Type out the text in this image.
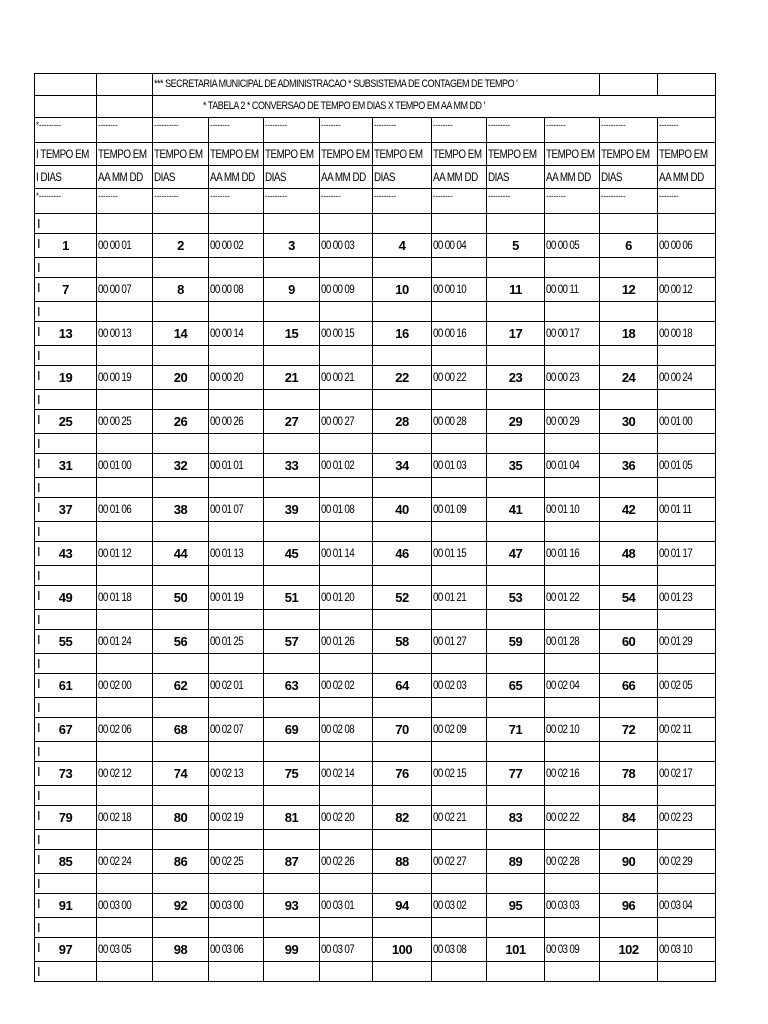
		*** SECRETARIA MUNICIPAL DE ADMINISTRACAO * SUBSISTEMA DE CONTAGEM DE TEMPO '									
		* TABELA 2 * CONVERSAO DE TEMPO EM DIAS X TEMPO EM AA MM DD '									
*---------	--------	----------	--------	---------	--------	---------	--------	---------	--------	----------	--------
I TEMPO EM	TEMPO EM	TEMPO EM	TEMPO EM	TEMPO EM	TEMPO EM	TEMPO EM	TEMPO EM	TEMPO EM	TEMPO EM	TEMPO EM	TEMPO EM
I DIAS	AA MM DD	DIAS	AA MM DD	DIAS	AA MM DD	DIAS	AA MM DD	DIAS	AA MM DD	DIAS	AA MM DD
*---------	--------	----------	--------	---------	--------	---------	--------	---------	--------	----------	--------

I											

I 1	00 00 01	2	00 00 02	3	00 00 03	4	00 00 04	5	00 00 05	6	00 00 06

I											

I 7	00 00 07	8	00 00 08	9	00 00 09	10	00 00 10	11	00 00 11	12	00 00 12

I											

I 13	00 00 13	14	00 00 14	15	00 00 15	16	00 00 16	17	00 00 17	18	00 00 18

I											

I 19	00 00 19	20	00 00 20	21	00 00 21	22	00 00 22	23	00 00 23	24	00 00 24

I											

I 25	00 00 25	26	00 00 26	27	00 00 27	28	00 00 28	29	00 00 29	30	00 01 00

I											

I 31	00 01 00	32	00 01 01	33	00 01 02	34	00 01 03	35	00 01 04	36	00 01 05

I											

I 37	00 01 06	38	00 01 07	39	00 01 08	40	00 01 09	41	00 01 10	42	00 01 11

I											

I 43	00 01 12	44	00 01 13	45	00 01 14	46	00 01 15	47	00 01 16	48	00 01 17

I											

I 49	00 01 18	50	00 01 19	51	00 01 20	52	00 01 21	53	00 01 22	54	00 01 23

I											

I 55	00 01 24	56	00 01 25	57	00 01 26	58	00 01 27	59	00 01 28	60	00 01 29

I											

I 61	00 02 00	62	00 02 01	63	00 02 02	64	00 02 03	65	00 02 04	66	00 02 05

I											

I 67	00 02 06	68	00 02 07	69	00 02 08	70	00 02 09	71	00 02 10	72	00 02 11

I											

I 73	00 02 12	74	00 02 13	75	00 02 14	76	00 02 15	77	00 02 16	78	00 02 17

I											

I 79	00 02 18	80	00 02 19	81	00 02 20	82	00 02 21	83	00 02 22	84	00 02 23

I											

I 85	00 02 24	86	00 02 25	87	00 02 26	88	00 02 27	89	00 02 28	90	00 02 29

I											

I 91	00 03 00	92	00 03 00	93	00 03 01	94	00 03 02	95	00 03 03	96	00 03 04

I											

I 97	00 03 05	98	00 03 06	99	00 03 07	100	00 03 08	101	00 03 09	102	00 03 10

I											
